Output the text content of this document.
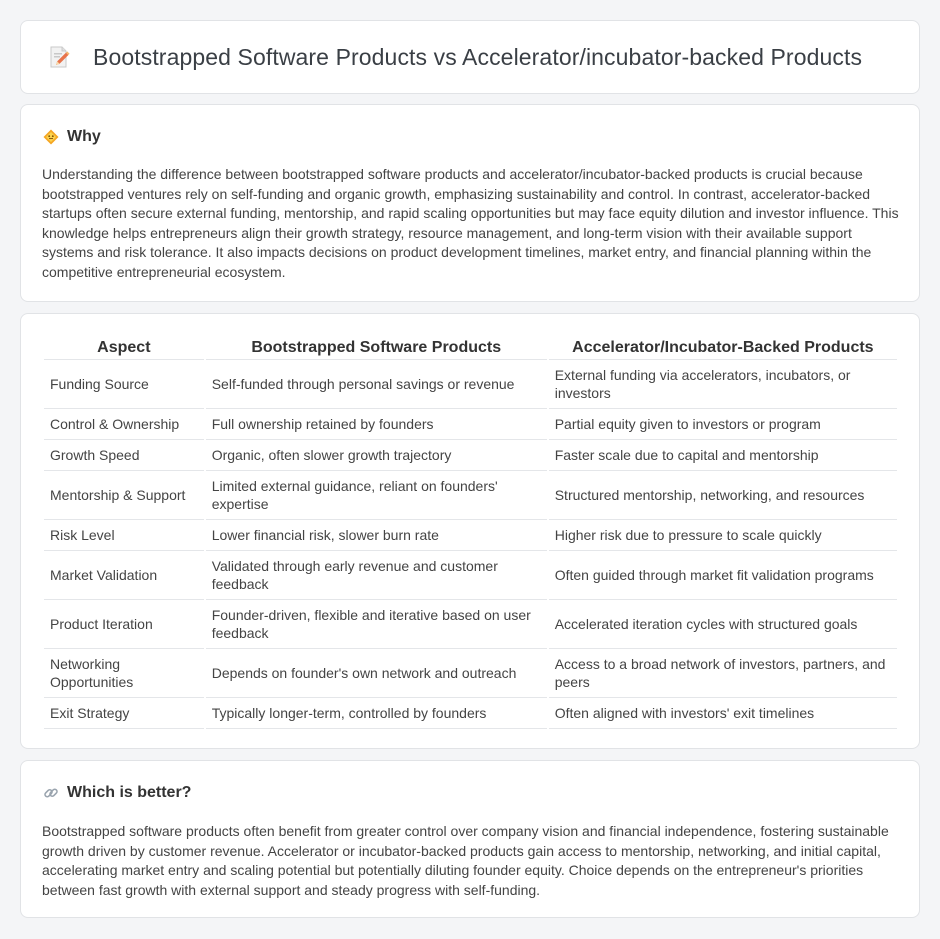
Bootstrapped Software Products vs Accelerator/incubator-backed Products
Why

Understanding the difference between bootstrapped software products and accelerator/incubator-backed products is crucial because bootstrapped ventures rely on self-funding and organic growth, emphasizing sustainability and control. In contrast, accelerator-backed startups often secure external funding, mentorship, and rapid scaling opportunities but may face equity dilution and investor influence. This knowledge helps entrepreneurs align their growth strategy, resource management, and long-term vision with their available support systems and risk tolerance. It also impacts decisions on product development timelines, market entry, and financial planning within the competitive entrepreneurial ecosystem.

Aspect	Bootstrapped Software Products	Accelerator/Incubator-Backed Products
Funding Source	Self-funded through personal savings or revenue	External funding via accelerators, incubators, or investors
Control & Ownership	Full ownership retained by founders	Partial equity given to investors or program
Growth Speed	Organic, often slower growth trajectory	Faster scale due to capital and mentorship
Mentorship & Support	Limited external guidance, reliant on founders' expertise	Structured mentorship, networking, and resources
Risk Level	Lower financial risk, slower burn rate	Higher risk due to pressure to scale quickly
Market Validation	Validated through early revenue and customer feedback	Often guided through market fit validation programs
Product Iteration	Founder-driven, flexible and iterative based on user feedback	Accelerated iteration cycles with structured goals
Networking Opportunities	Depends on founder's own network and outreach	Access to a broad network of investors, partners, and peers
Exit Strategy	Typically longer-term, controlled by founders	Often aligned with investors' exit timelines
Which is better?

Bootstrapped software products often benefit from greater control over company vision and financial independence, fostering sustainable growth driven by customer revenue. Accelerator or incubator-backed products gain access to mentorship, networking, and initial capital, accelerating market entry and scaling potential but potentially diluting founder equity. Choice depends on the entrepreneur's priorities between fast growth with external support and steady progress with self-funding.
